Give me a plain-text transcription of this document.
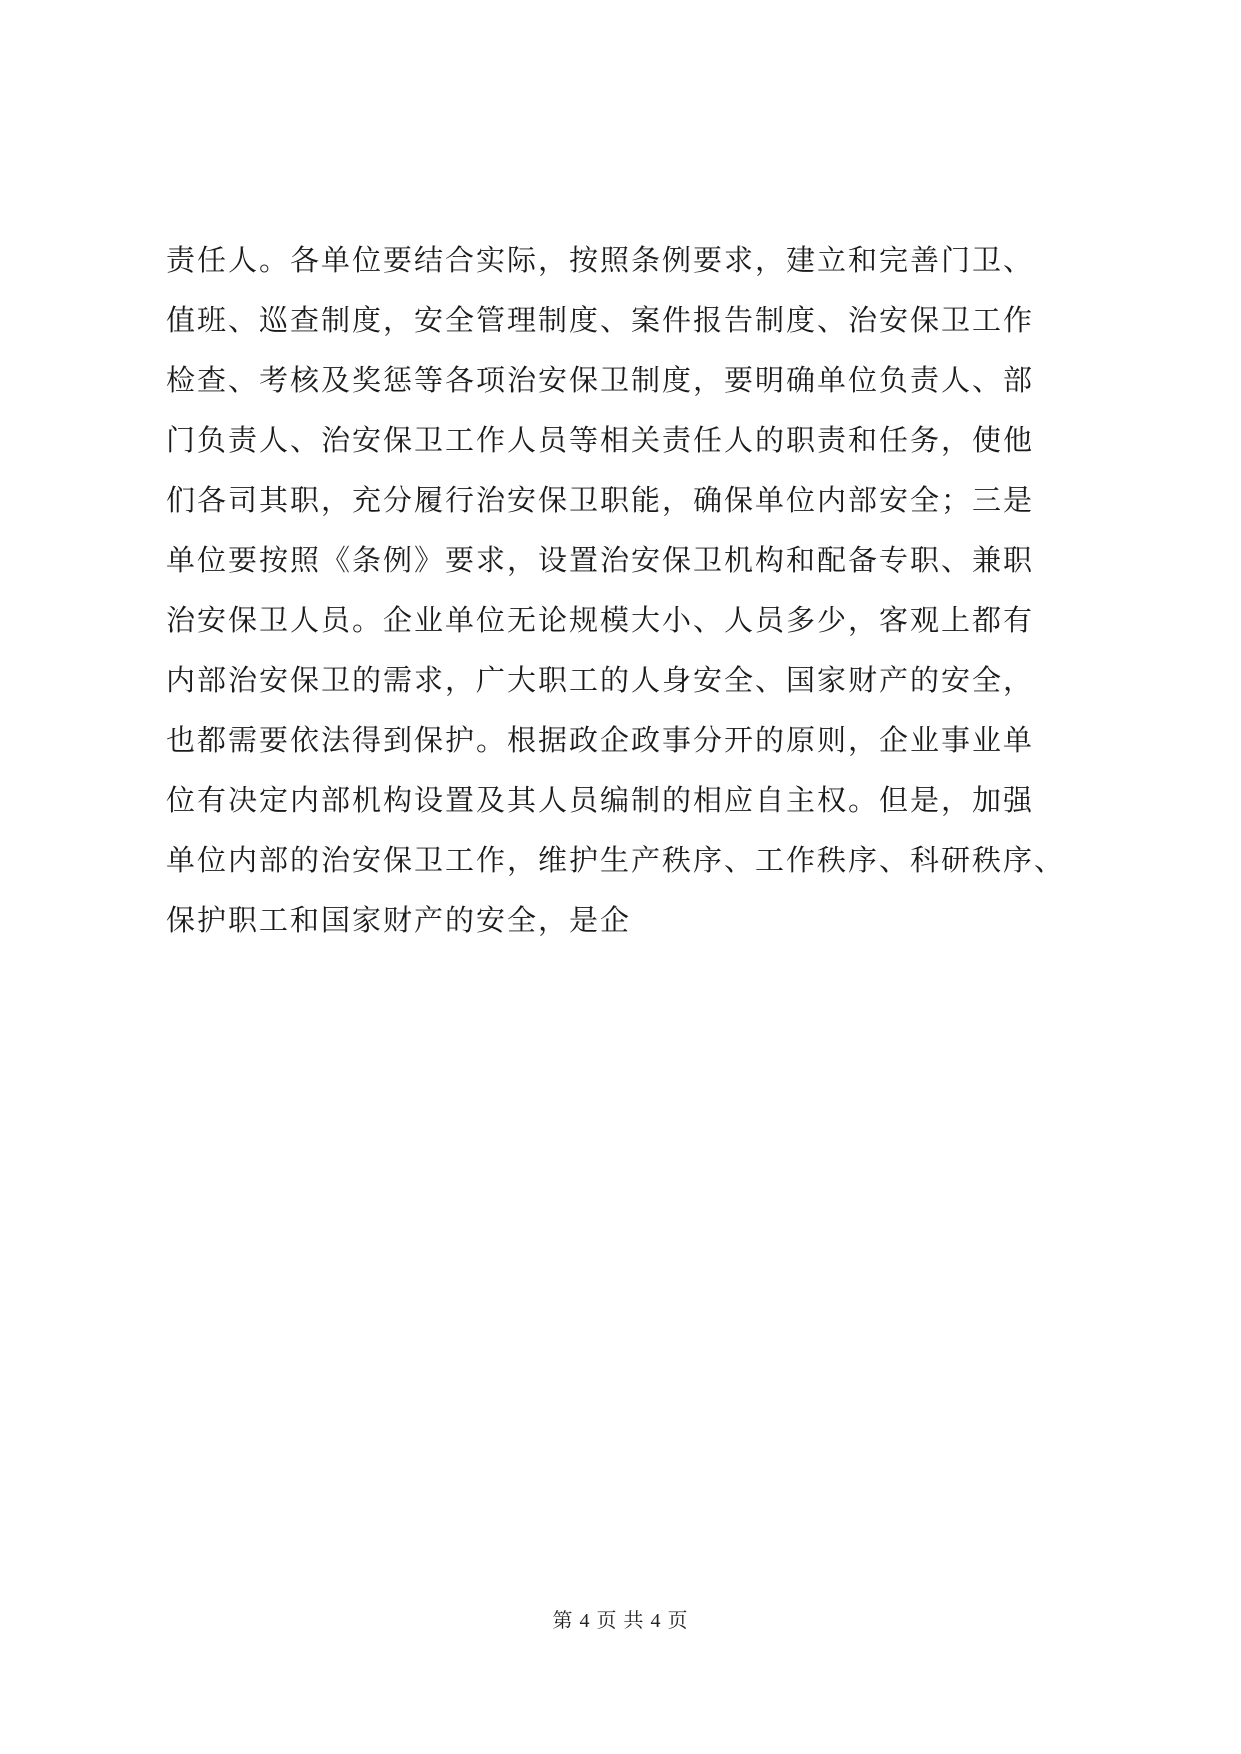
责任人。各单位要结合实际，按照条例要求，建立和完善门卫、
值班、巡查制度，安全管理制度、案件报告制度、治安保卫工作
检查、考核及奖惩等各项治安保卫制度，要明确单位负责人、部
门负责人、治安保卫工作人员等相关责任人的职责和任务，使他
们各司其职，充分履行治安保卫职能，确保单位内部安全；三是
单位要按照《条例》要求，设置治安保卫机构和配备专职、兼职
治安保卫人员。企业单位无论规模大小、人员多少，客观上都有
内部治安保卫的需求，广大职工的人身安全、国家财产的安全，
也都需要依法得到保护。根据政企政事分开的原则，企业事业单
位有决定内部机构设置及其人员编制的相应自主权。但是，加强
单位内部的治安保卫工作，维护生产秩序、工作秩序、科研秩序、
保护职工和国家财产的安全，是企
第 4 页 共 4 页
